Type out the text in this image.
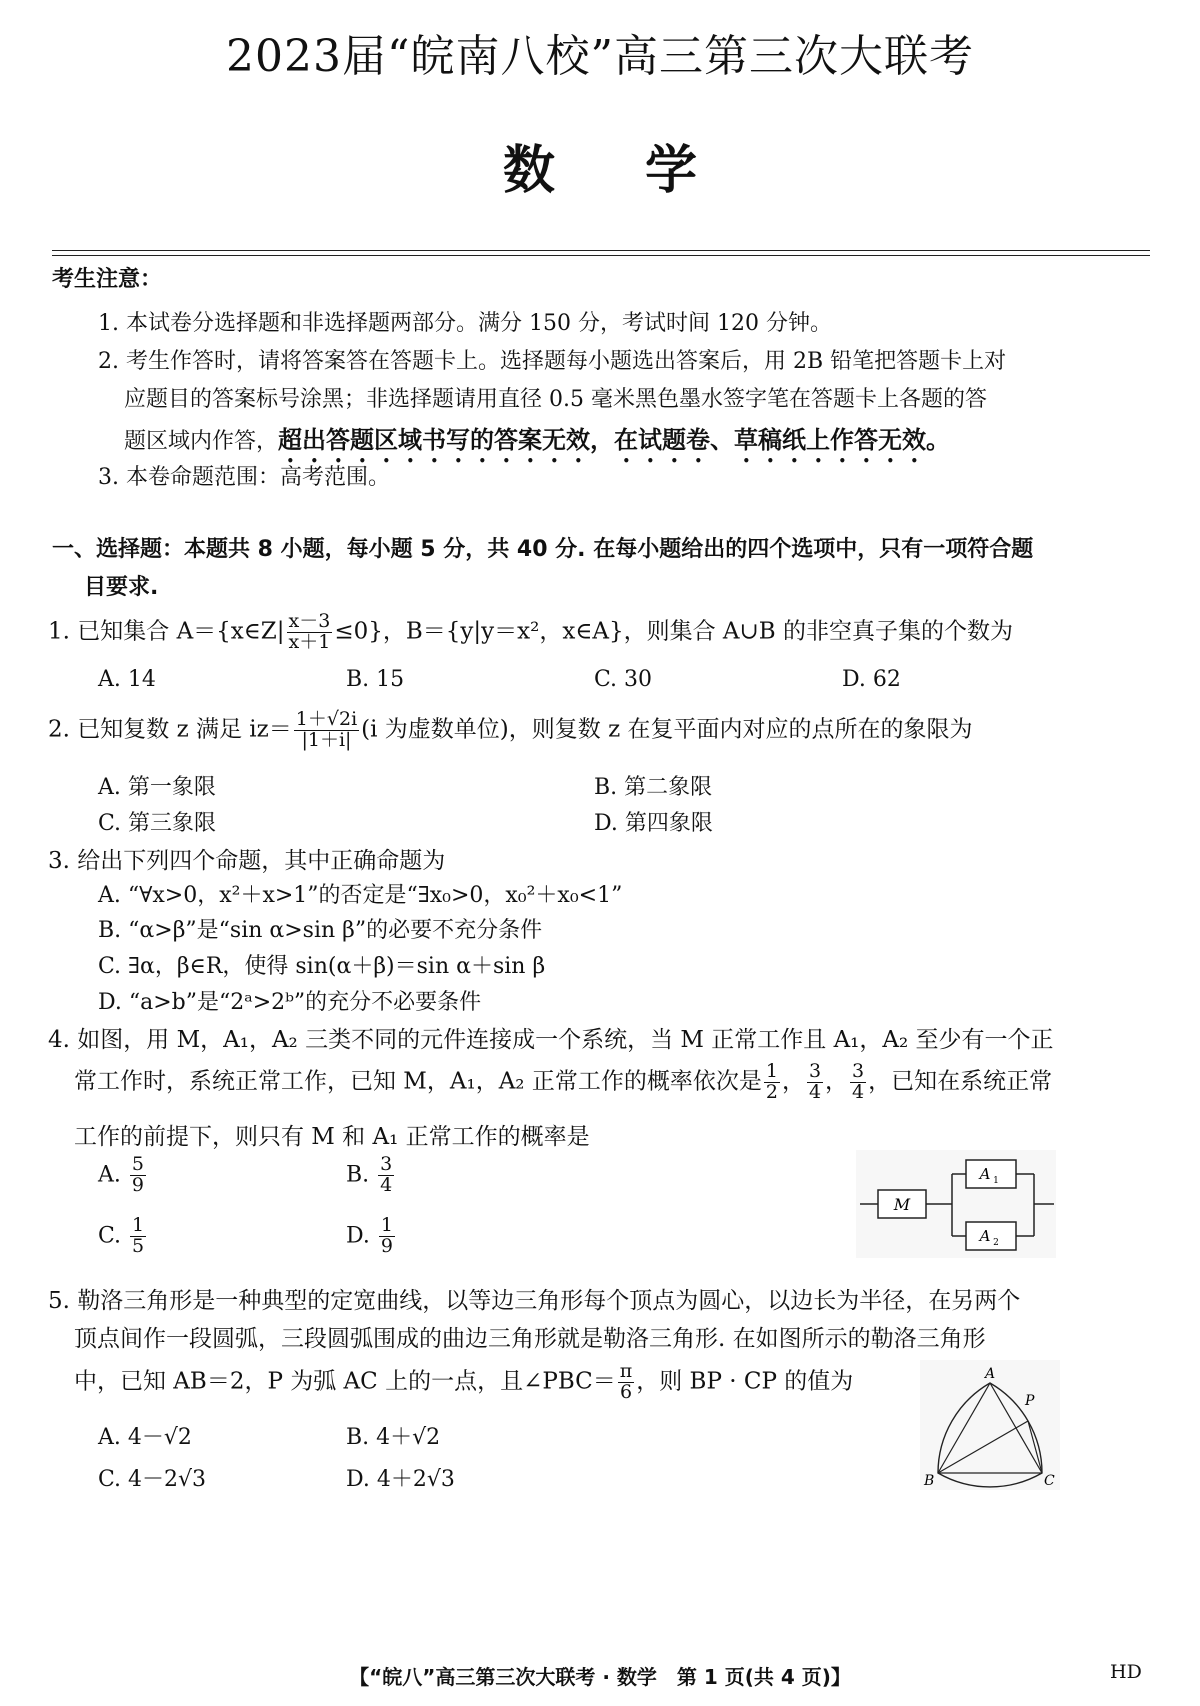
2023届“皖南八校”高三第三次大联考
数学
考生注意：
1. 本试卷分选择题和非选择题两部分。满分 150 分，考试时间 120 分钟。
2. 考生作答时，请将答案答在答题卡上。选择题每小题选出答案后，用 2B 铅笔把答题卡上对
应题目的答案标号涂黑；非选择题请用直径 0.5 毫米黑色墨水签字笔在答题卡上各题的答
题区域内作答，超出答题区域书写的答案无效，在试题卷、草稿纸上作答无效。
3. 本卷命题范围：高考范围。
一、选择题：本题共 8 小题，每小题 5 分，共 40 分. 在每小题给出的四个选项中，只有一项符合题
目要求.
1. 已知集合 A＝{x∈Z| $\frac{x-3}{x+1} \le 0$}，B＝{y|y＝x²，x∈A}，则集合 A∪B 的非空真子集的个数为
A. 14	B. 15	C. 30	D. 62
2. 已知复数 z 满足 $iz= \frac{1+√2i}{|1+i|} (i$ 为虚数单位)，则复数 z 在复平面内对应的点所在的象限为
A. 第一象限	B. 第二象限
C. 第三象限	D. 第四象限
3. 给出下列四个命题，其中正确命题为
A. “∀x>0，x²＋x>1”的否定是“∃x₀>0，x₀²＋x₀<1”
B. “α>β”是“sin α>sin β”的必要不充分条件
C. ∃α，β∈R，使得 sin(α＋β)＝sin α＋sin β
D. “a>b”是“2ᵃ>2ᵇ”的充分不必要条件
4. 如图，用 M，A₁，A₂ 三类不同的元件连接成一个系统，当 M 正常工作且 A₁，A₂ 至少有一个正
常工作时，系统正常工作，已知 M，A₁，A₂ 正常工作的概率依次是 $\frac{1}{2}$ ， $\frac{3}{4}$ ， $\frac{3}{4}$ ，已知在系统正常
工作的前提下，则只有 M 和 A₁ 正常工作的概率是
A. $\frac{5}{9}$	B. $\frac{3}{4}$
C. $\frac{1}{5}$	D. $\frac{1}{9}$
M
A 1
A 2
5. 勒洛三角形是一种典型的定宽曲线，以等边三角形每个顶点为圆心，以边长为半径，在另两个
顶点间作一段圆弧，三段圆弧围成的曲边三角形就是勒洛三角形. 在如图所示的勒洛三角形
中，已知 AB＝2，P 为弧 AC 上的一点，且∠PBC＝ $\frac{\pi}{6}$ ，则 BP · CP 的值为
A. 4－√2	B. 4＋√2
C. 4－2√3	D. 4＋2√3
A
B	C
P
【“皖八”高三第三次大联考 · 数学　第 1 页(共 4 页)】	HD
